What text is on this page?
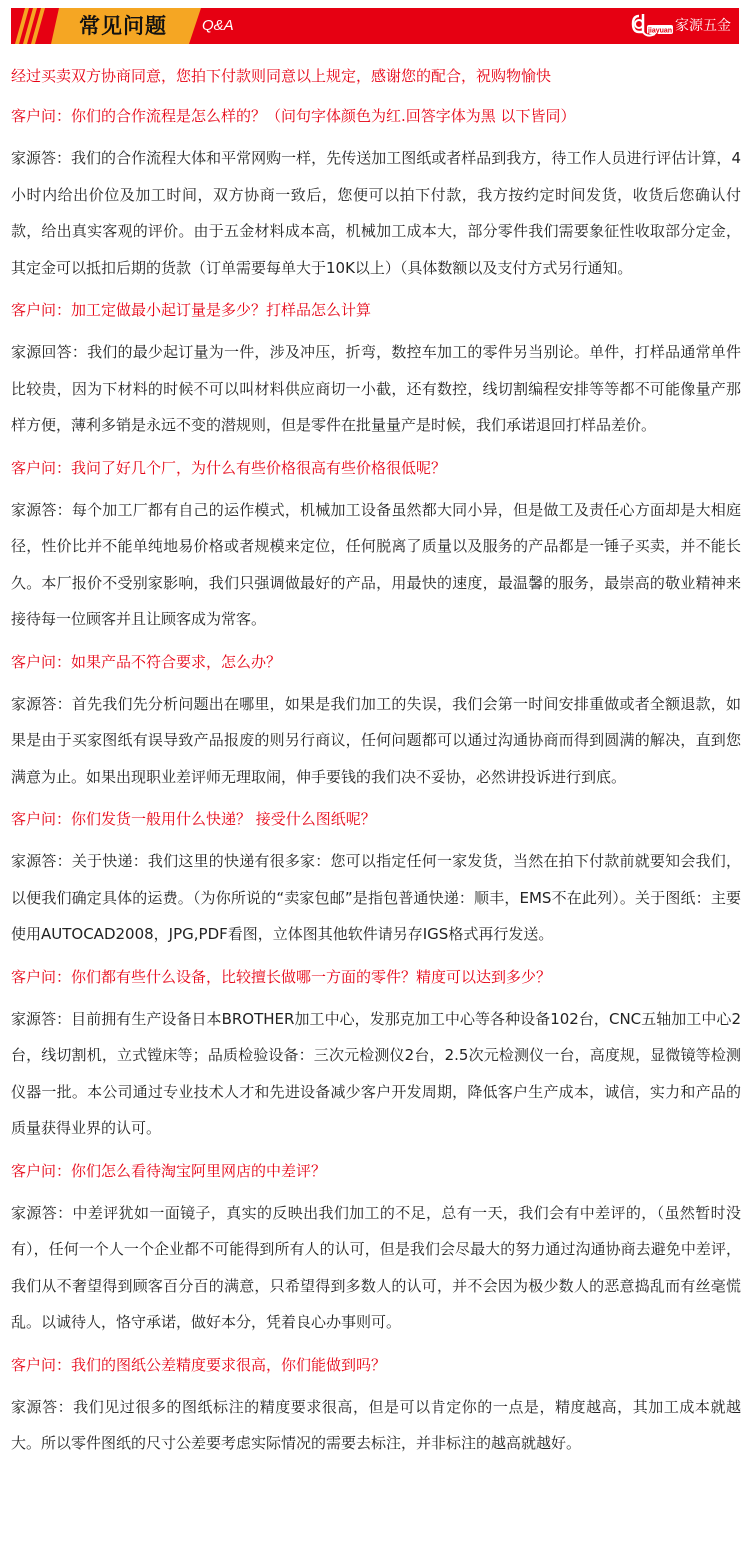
常见问题 Q&A	jiayuan 家源五金
经过买卖双方协商同意，您拍下付款则同意以上规定，感谢您的配合，祝购物愉快
客户问：你们的合作流程是怎么样的？（问句字体颜色为红.回答字体为黑 以下皆同）
家源答：我们的合作流程大体和平常网购一样，先传送加工图纸或者样品到我方，待工作人员进行评估计算，4小时内给出价位及加工时间，双方协商一致后，您便可以拍下付款，我方按约定时间发货，收货后您确认付款，给出真实客观的评价。由于五金材料成本高，机械加工成本大，部分零件我们需要象征性收取部分定金，其定金可以抵扣后期的货款（订单需要每单大于10K以上）（具体数额以及支付方式另行通知。
客户问：加工定做最小起订量是多少？打样品怎么计算
家源回答：我们的最少起订量为一件，涉及冲压，折弯，数控车加工的零件另当别论。单件，打样品通常单件比较贵，因为下材料的时候不可以叫材料供应商切一小截，还有数控，线切割编程安排等等都不可能像量产那样方便，薄利多销是永远不变的潜规则，但是零件在批量量产是时候，我们承诺退回打样品差价。
客户问：我问了好几个厂，为什么有些价格很高有些价格很低呢？
家源答：每个加工厂都有自己的运作模式，机械加工设备虽然都大同小异，但是做工及责任心方面却是大相庭径，性价比并不能单纯地易价格或者规模来定位，任何脱离了质量以及服务的产品都是一锤子买卖，并不能长久。本厂报价不受别家影响，我们只强调做最好的产品，用最快的速度，最温馨的服务，最崇高的敬业精神来接待每一位顾客并且让顾客成为常客。
客户问：如果产品不符合要求，怎么办？
家源答：首先我们先分析问题出在哪里，如果是我们加工的失误，我们会第一时间安排重做或者全额退款，如果是由于买家图纸有误导致产品报废的则另行商议，任何问题都可以通过沟通协商而得到圆满的解决，直到您满意为止。如果出现职业差评师无理取闹，伸手要钱的我们决不妥协，必然讲投诉进行到底。
客户问：你们发货一般用什么快递？ 接受什么图纸呢？
家源答：关于快递：我们这里的快递有很多家：您可以指定任何一家发货，当然在拍下付款前就要知会我们，以便我们确定具体的运费。（为你所说的“卖家包邮”是指包普通快递：顺丰，EMS不在此列）。关于图纸：主要使用AUTOCAD2008，JPG,PDF看图，立体图其他软件请另存IGS格式再行发送。
客户问：你们都有些什么设备，比较擅长做哪一方面的零件？精度可以达到多少？
家源答：目前拥有生产设备日本BROTHER加工中心，发那克加工中心等各种设备102台，CNC五轴加工中心2台，线切割机，立式镗床等；品质检验设备：三次元检测仪2台，2.5次元检测仪一台，高度规，显微镜等检测仪器一批。本公司通过专业技术人才和先进设备减少客户开发周期，降低客户生产成本，诚信，实力和产品的质量获得业界的认可。
客户问：你们怎么看待淘宝阿里网店的中差评？
家源答：中差评犹如一面镜子，真实的反映出我们加工的不足，总有一天，我们会有中差评的，（虽然暂时没有），任何一个人一个企业都不可能得到所有人的认可，但是我们会尽最大的努力通过沟通协商去避免中差评，我们从不奢望得到顾客百分百的满意，只希望得到多数人的认可，并不会因为极少数人的恶意捣乱而有丝毫慌乱。以诚待人，恪守承诺，做好本分，凭着良心办事则可。
客户问：我们的图纸公差精度要求很高，你们能做到吗？
家源答：我们见过很多的图纸标注的精度要求很高，但是可以肯定你的一点是，精度越高，其加工成本就越大。所以零件图纸的尺寸公差要考虑实际情况的需要去标注，并非标注的越高就越好。
